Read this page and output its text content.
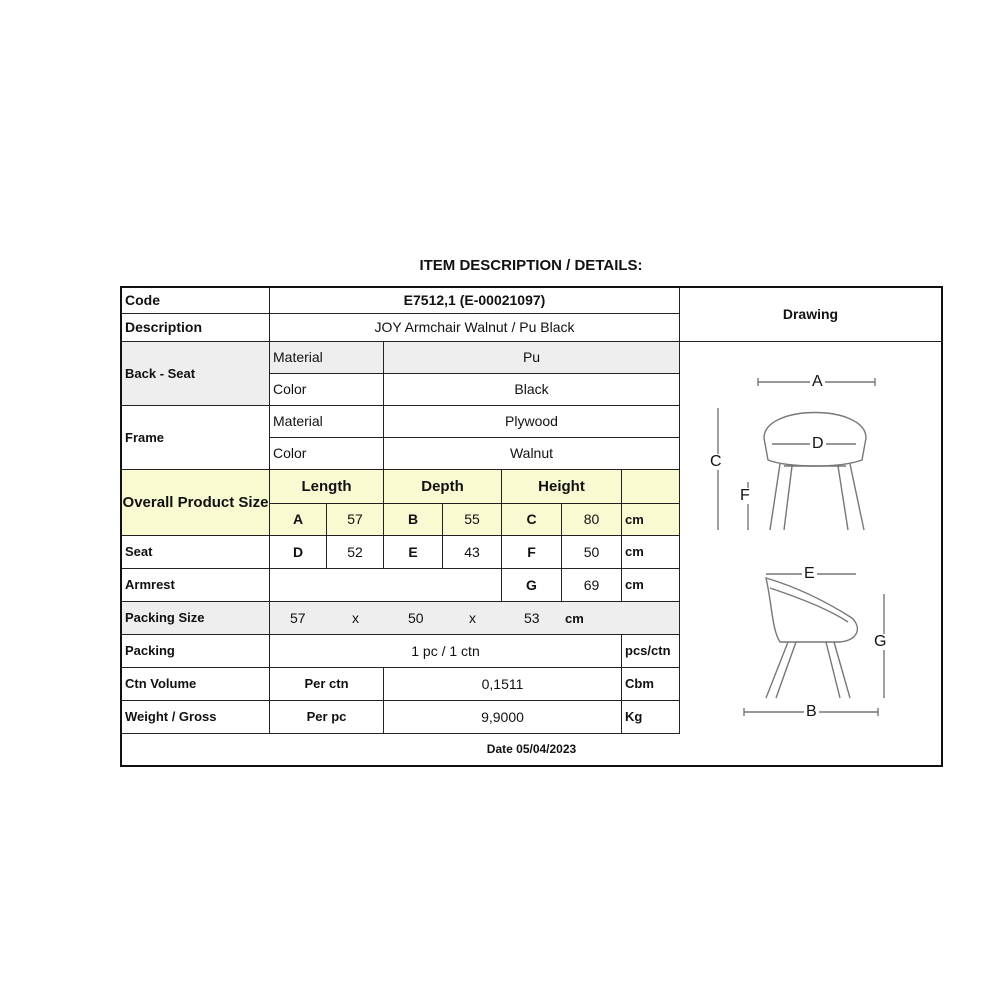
ITEM DESCRIPTION / DETAILS:
Code	E7512,1 (E-00021097)
Drawing
Description	JOY Armchair Walnut / Pu Black
Back - Seat
Material	Pu
Color	Black
Frame
Material	Plywood
Color	Walnut
Overall Product Size
Length	Depth	Height
A	57	B	55	C	80	cm
Seat	D	52	E	43	F	50	cm
Armrest	G	69	cm
Packing Size	57	x	50	x	53 cm
Packing	1 pc / 1 ctn	pcs/ctn
Ctn Volume	Per ctn	0,1511	Cbm
Weight / Gross	Per pc	9,9000	Kg
Date 05/04/2023
A
C
D
F
E
G
B
